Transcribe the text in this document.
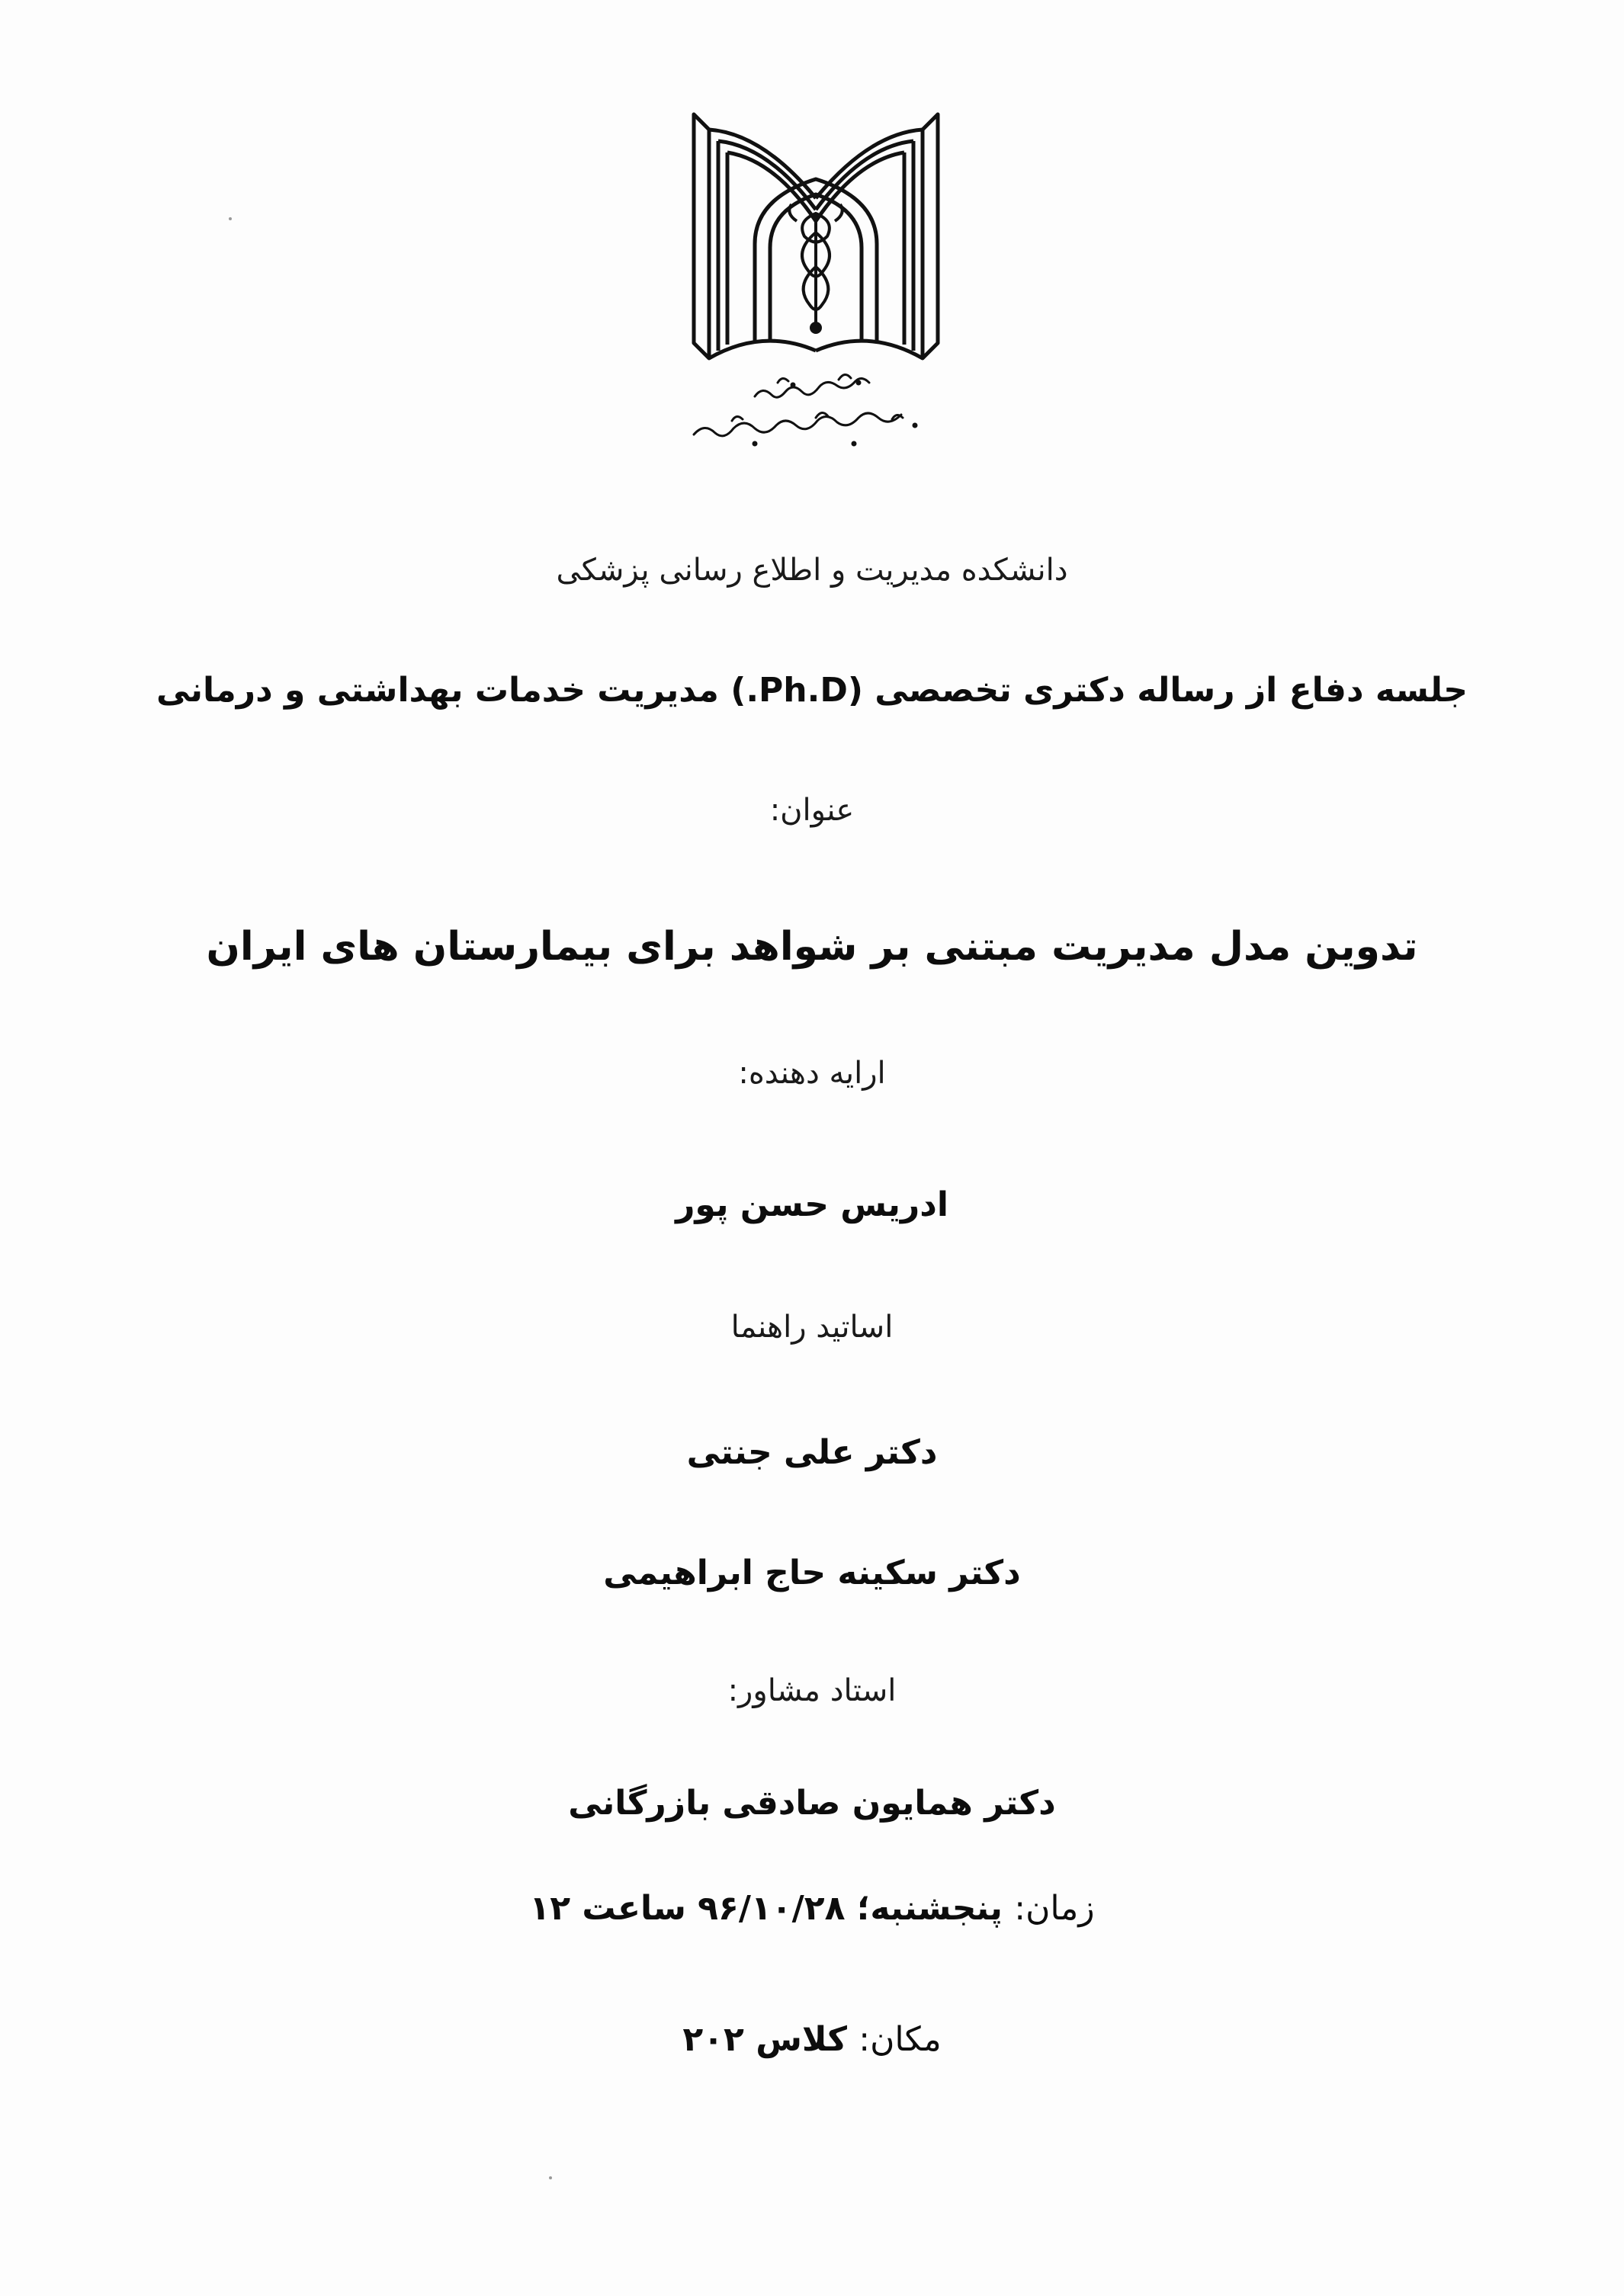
دانشکده مدیریت و اطلاع رسانی پزشکی
جلسه دفاع از رساله دکتری تخصصی (Ph.D.) مدیریت خدمات بهداشتی و درمانی
عنوان:
تدوین مدل مدیریت مبتنی بر شواهد برای بیمارستان های ایران
ارایه دهنده:
ادریس حسن پور
اساتید راهنما
دکتر علی جنتی
دکتر سکینه حاج ابراهیمی
استاد مشاور:
دکتر همایون صادقی بازرگانی
زمان: پنجشنبه؛ ۹۶/۱۰/۲۸ ساعت ۱۲
مکان: کلاس ۲۰۲
